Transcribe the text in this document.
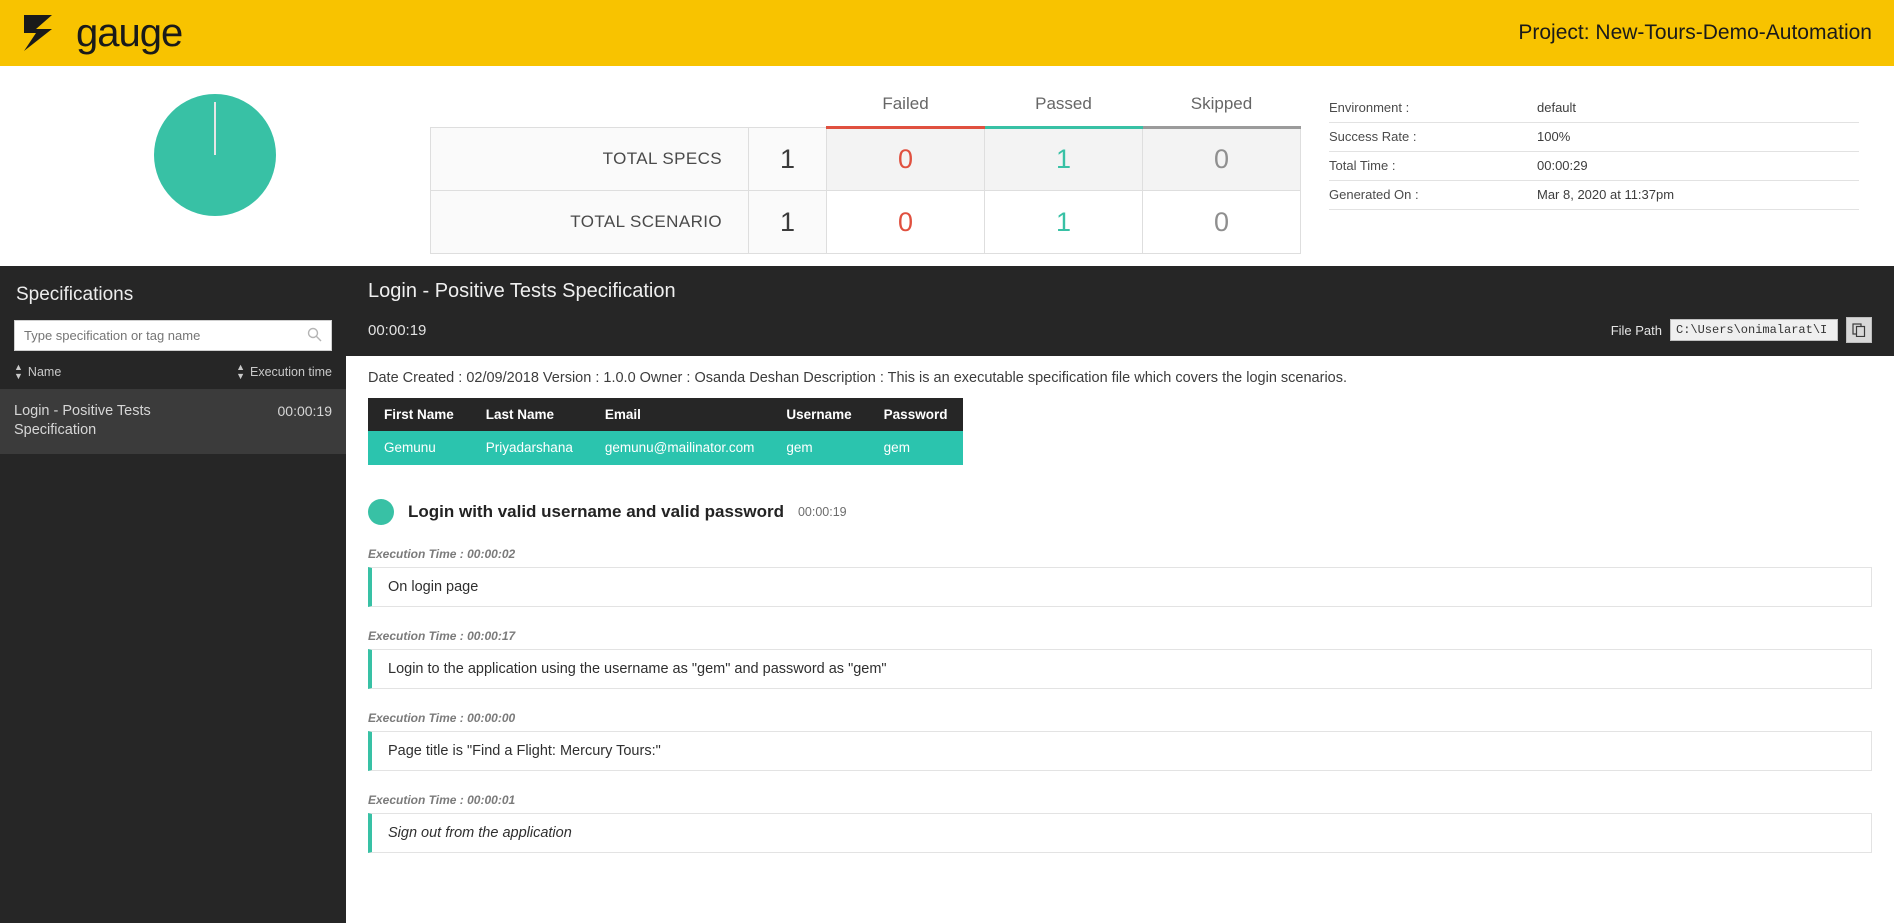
gauge	Project: New-Tours-Demo-Automation
		Failed	Passed	Skipped
TOTAL SPECS	1	0	1	0
TOTAL SCENARIO	1	0	1	0
Environment :	default
Success Rate :	100%
Total Time :	00:00:29
Generated On :	Mar 8, 2020 at 11:37pm
Specifications
Type specification or tag name
▲
▼ Name	▲
▼ Execution time
Login - Positive Tests Specification
00:00:19
Login - Positive Tests Specification
00:00:19	File Path	C:\Users\onimalarat\I
Date Created : 02/09/2018 Version : 1.0.0 Owner : Osanda Deshan Description : This is an executable specification file which covers the login scenarios.
First Name	Last Name	Email	Username	Password
Gemunu	Priyadarshana	gemunu@mailinator.com	gem	gem
Login with valid username and valid password 00:00:19
Execution Time : 00:00:02
On login page
Execution Time : 00:00:17
Login to the application using the username as "gem" and password as "gem"
Execution Time : 00:00:00
Page title is "Find a Flight: Mercury Tours:"
Execution Time : 00:00:01
Sign out from the application
